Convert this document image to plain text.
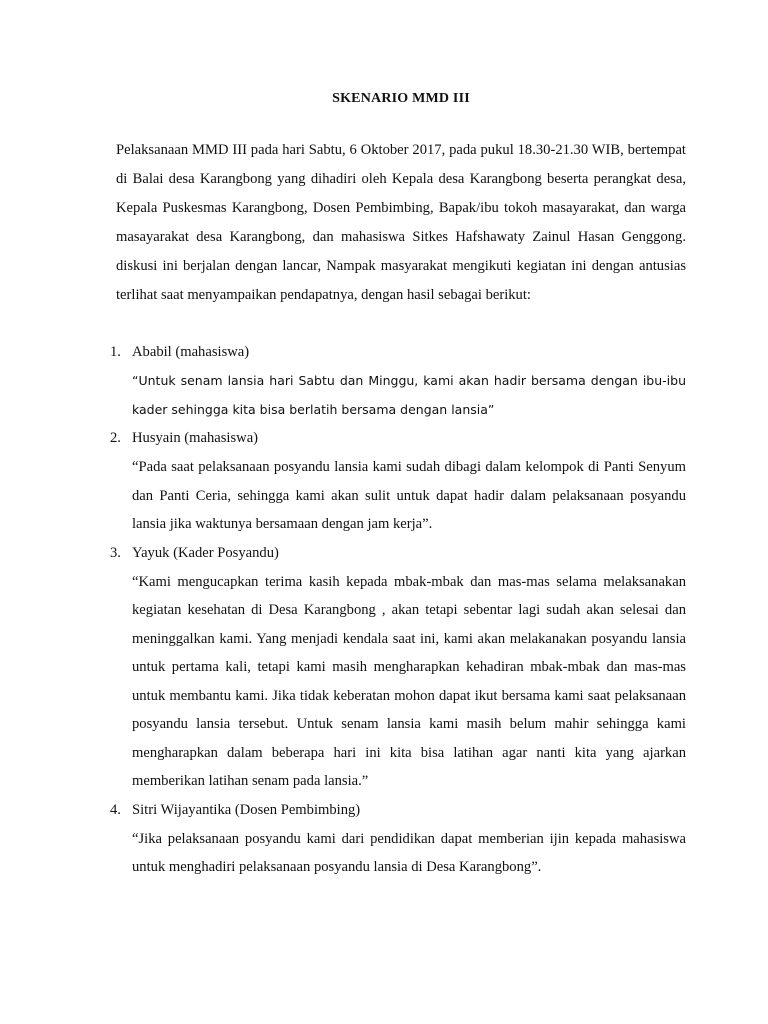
SKENARIO MMD III

Pelaksanaan MMD III pada hari Sabtu, 6 Oktober 2017, pada pukul 18.30-21.30 WIB, bertempat di Balai desa Karangbong yang dihadiri oleh Kepala desa Karangbong beserta perangkat desa, Kepala Puskesmas Karangbong, Dosen Pembimbing, Bapak/ibu tokoh masayarakat, dan warga masayarakat desa Karangbong, dan mahasiswa Sitkes Hafshawaty Zainul Hasan Genggong. diskusi ini berjalan dengan lancar, Nampak masyarakat mengikuti kegiatan ini dengan antusias terlihat saat menyampaikan pendapatnya, dengan hasil sebagai berikut:

1. Ababil (mahasiswa)
“Untuk senam lansia hari Sabtu dan Minggu, kami akan hadir bersama dengan ibu-ibu kader sehingga kita bisa berlatih bersama dengan lansia”
2. Husyain (mahasiswa)
“Pada saat pelaksanaan posyandu lansia kami sudah dibagi dalam kelompok di Panti Senyum dan Panti Ceria, sehingga kami akan sulit untuk dapat hadir dalam pelaksanaan posyandu lansia jika waktunya bersamaan dengan jam kerja”.
3. Yayuk (Kader Posyandu)
“Kami mengucapkan terima kasih kepada mbak-mbak dan mas-mas selama melaksanakan kegiatan kesehatan di Desa Karangbong , akan tetapi sebentar lagi sudah akan selesai dan meninggalkan kami. Yang menjadi kendala saat ini, kami akan melakanakan posyandu lansia untuk pertama kali, tetapi kami masih mengharapkan kehadiran mbak-mbak dan mas-mas untuk membantu kami. Jika tidak keberatan mohon dapat ikut bersama kami saat pelaksanaan posyandu lansia tersebut. Untuk senam lansia kami masih belum mahir sehingga kami mengharapkan dalam beberapa hari ini kita bisa latihan agar nanti kita yang ajarkan memberikan latihan senam pada lansia.”
4. Sitri Wijayantika (Dosen Pembimbing)
“Jika pelaksanaan posyandu kami dari pendidikan dapat memberian ijin kepada mahasiswa untuk menghadiri pelaksanaan posyandu lansia di Desa Karangbong”.
